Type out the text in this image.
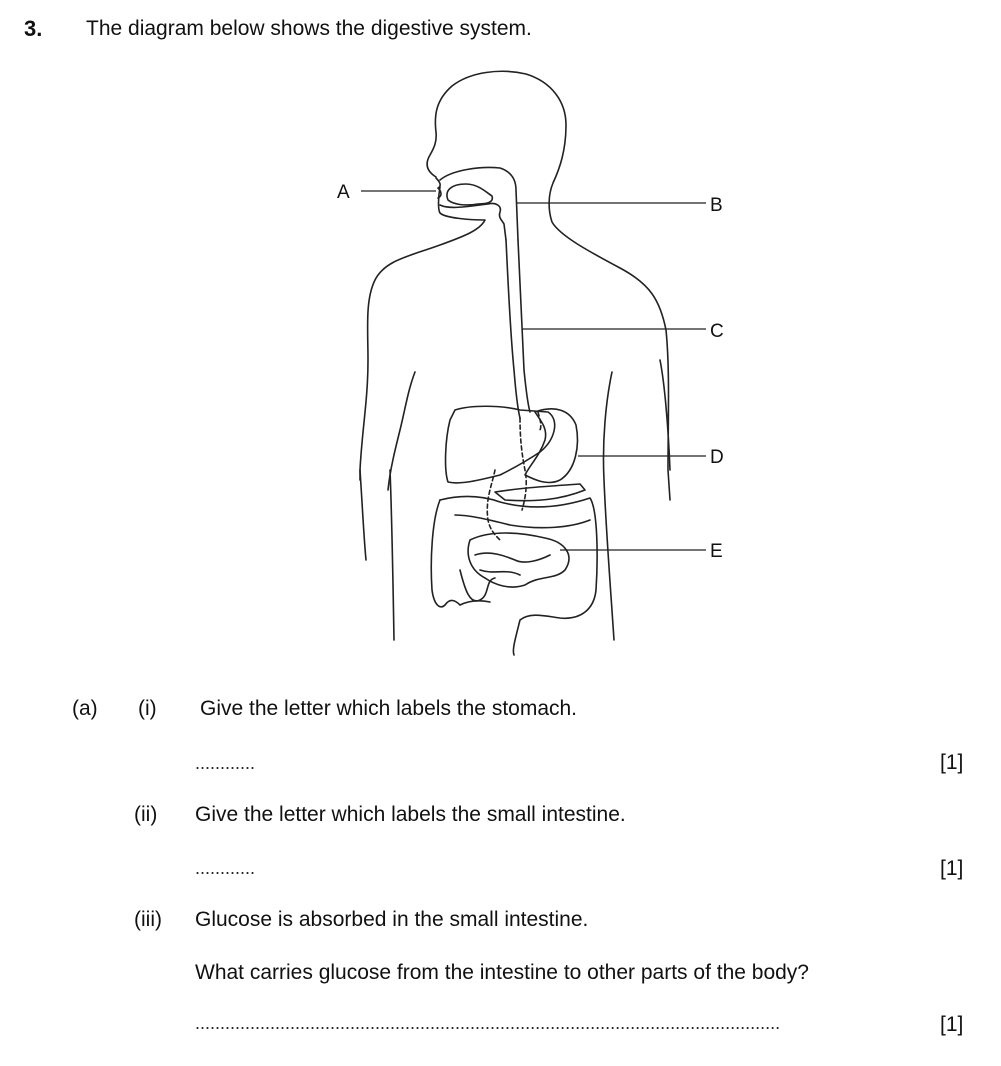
3. The diagram below shows the digestive system.
A
B
C
D
E
(a) (i) Give the letter which labels the stomach.
............	[1]
(ii) Give the letter which labels the small intestine.
............	[1]
(iii) Glucose is absorbed in the small intestine.
What carries glucose from the intestine to other parts of the body?
.....................................................................................................................	[1]
